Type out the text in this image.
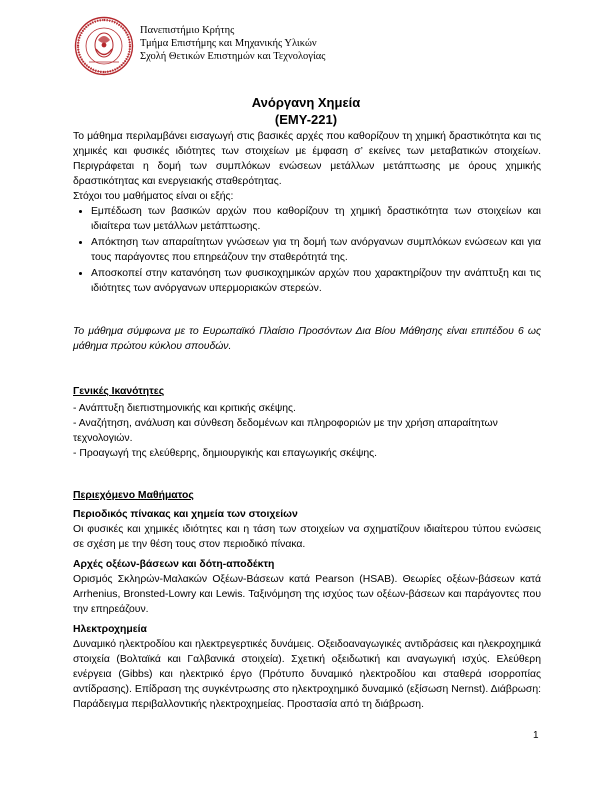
Πανεπιστήμιο Κρήτης
Τμήμα Επιστήμης και Μηχανικής Υλικών
Σχολή Θετικών Επιστημών και Τεχνολογίας
Ανόργανη Χημεία
(ΕΜΥ-221)

Το μάθημα περιλαμβάνει εισαγωγή στις βασικές αρχές που καθορίζουν τη χημική δραστικότητα και τις χημικές και φυσικές ιδιότητες των στοιχείων με έμφαση σ’ εκείνες των μεταβατικών στοιχείων. Περιγράφεται η δομή των συμπλόκων ενώσεων μετάλλων μετάπτωσης με όρους χημικής δραστικότητας και ενεργειακής σταθερότητας.

Στόχοι του μαθήματος είναι οι εξής:

• Εμπέδωση των βασικών αρχών που καθορίζουν τη χημική δραστικότητα των στοιχείων και ιδιαίτερα των μετάλλων μετάπτωσης.
• Απόκτηση των απαραίτητων γνώσεων για τη δομή των ανόργανων συμπλόκων ενώσεων και για τους παράγοντες που επηρεάζουν την σταθερότητά της.
• Αποσκοπεί στην κατανόηση των φυσικοχημικών αρχών που χαρακτηρίζουν την ανάπτυξη και τις ιδιότητες των ανόργανων υπερμοριακών στερεών.

Το μάθημα σύμφωνα με το Ευρωπαϊκό Πλαίσιο Προσόντων Δια Βίου Μάθησης είναι επιπέδου 6 ως μάθημα πρώτου κύκλου σπουδών.

Γενικές Ικανότητες

- Ανάπτυξη διεπιστημονικής και κριτικής σκέψης.

- Αναζήτηση, ανάλυση και σύνθεση δεδομένων και πληροφοριών με την χρήση απαραίτητων τεχνολογιών.

- Προαγωγή της ελεύθερης, δημιουργικής και επαγωγικής σκέψης.

Περιεχόμενο Μαθήματος

Περιοδικός πίνακας και χημεία των στοιχείων

Οι φυσικές και χημικές ιδιότητες και η τάση των στοιχείων να σχηματίζουν ιδιαίτερου τύπου ενώσεις σε σχέση με την θέση τους στον περιοδικό πίνακα.

Αρχές οξέων-βάσεων και δότη-αποδέκτη

Ορισμός Σκληρών-Μαλακών Οξέων-Βάσεων κατά Pearson (HSAB). Θεωρίες οξέων-βάσεων κατά Arrhenius, Bronsted-Lowry και Lewis. Ταξινόμηση της ισχύος των οξέων-βάσεων και παράγοντες που την επηρεάζουν.

Ηλεκτροχημεία

Δυναμικό ηλεκτροδίου και ηλεκτρεγερτικές δυνάμεις. Οξειδοαναγωγικές αντιδράσεις και ηλεκροχημικά στοιχεία (Βολταϊκά και Γαλβανικά στοιχεία). Σχετική οξειδωτική και αναγωγική ισχύς. Ελεύθερη ενέργεια (Gibbs) και ηλεκτρικό έργο (Πρότυπο δυναμικό ηλεκτροδίου και σταθερά ισορροπίας αντίδρασης). Επίδραση της συγκέντρωσης στο ηλεκτροχημικό δυναμικό (εξίσωση Nernst). Διάβρωση: Παράδειγμα περιβαλλοντικής ηλεκτροχημείας. Προστασία από τη διάβρωση.

1
